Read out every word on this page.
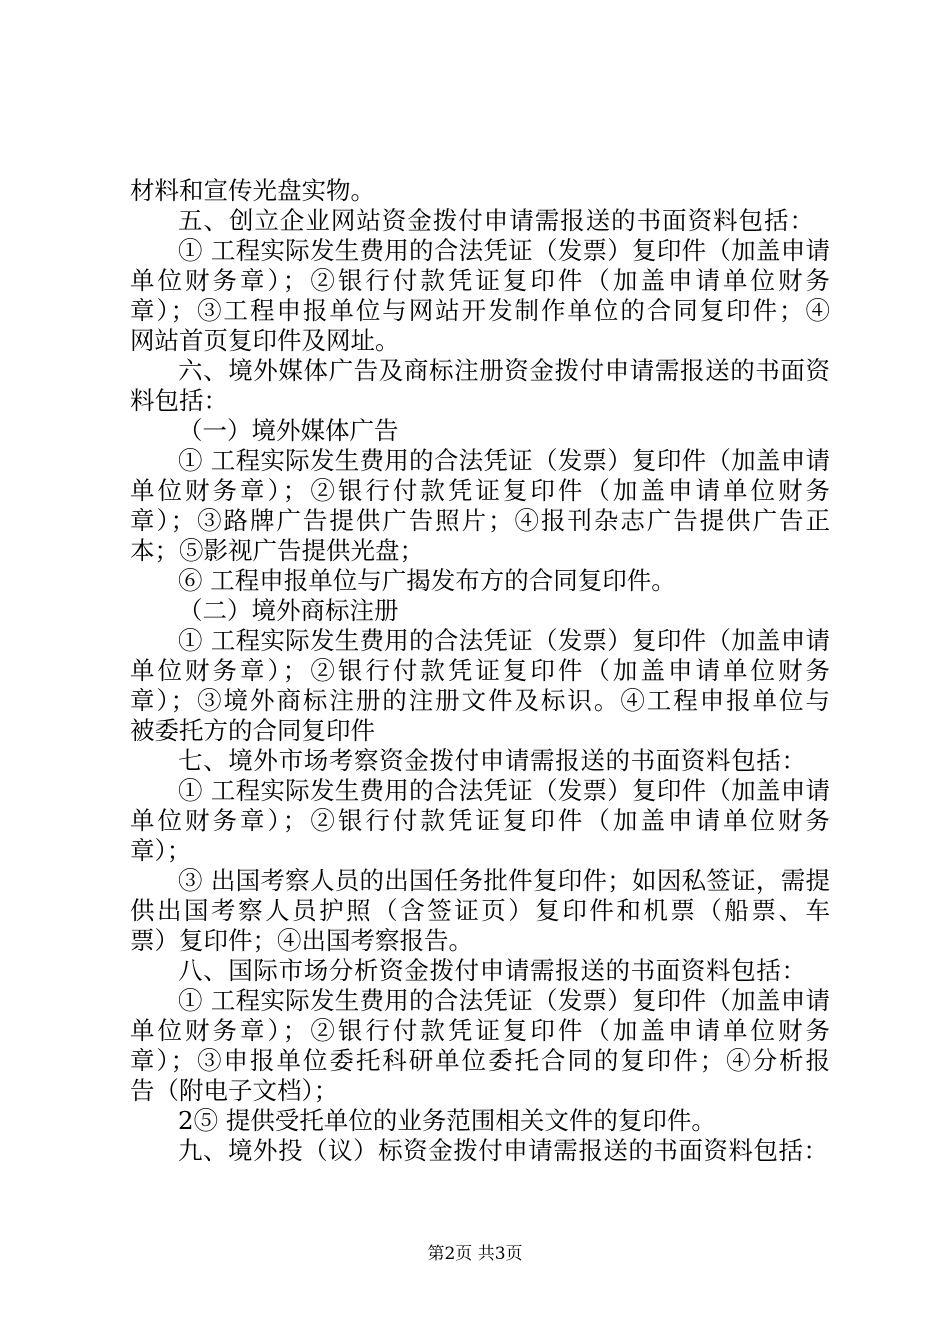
材料和宣传光盘实物。
五、创立企业网站资金拨付申请需报送的书面资料包括：
① 工程实际发生费用的合法凭证（发票）复印件（加盖申请
单位财务章）；②银行付款凭证复印件（加盖申请单位财务
章）；③工程申报单位与网站开发制作单位的合同复印件；④
网站首页复印件及网址。
六、境外媒体广告及商标注册资金拨付申请需报送的书面资
料包括：
（一）境外媒体广告
① 工程实际发生费用的合法凭证（发票）复印件（加盖申请
单位财务章）；②银行付款凭证复印件（加盖申请单位财务
章）；③路牌广告提供广告照片；④报刊杂志广告提供广告正
本；⑤影视广告提供光盘；
⑥ 工程申报单位与广揭发布方的合同复印件。
（二）境外商标注册
① 工程实际发生费用的合法凭证（发票）复印件（加盖申请
单位财务章）；②银行付款凭证复印件（加盖申请单位财务
章）；③境外商标注册的注册文件及标识。④工程申报单位与
被委托方的合同复印件
七、境外市场考察资金拨付申请需报送的书面资料包括：
① 工程实际发生费用的合法凭证（发票）复印件（加盖申请
单位财务章）；②银行付款凭证复印件（加盖申请单位财务
章）；
③ 出国考察人员的出国任务批件复印件；如因私签证，需提
供出国考察人员护照（含签证页）复印件和机票（船票、车
票）复印件；④出国考察报告。
八、国际市场分析资金拨付申请需报送的书面资料包括：
① 工程实际发生费用的合法凭证（发票）复印件（加盖申请
单位财务章）；②银行付款凭证复印件（加盖申请单位财务
章）；③申报单位委托科研单位委托合同的复印件；④分析报
告（附电子文档）；
2⑤ 提供受托单位的业务范围相关文件的复印件。
九、境外投（议）标资金拨付申请需报送的书面资料包括：
第2页 共3页
